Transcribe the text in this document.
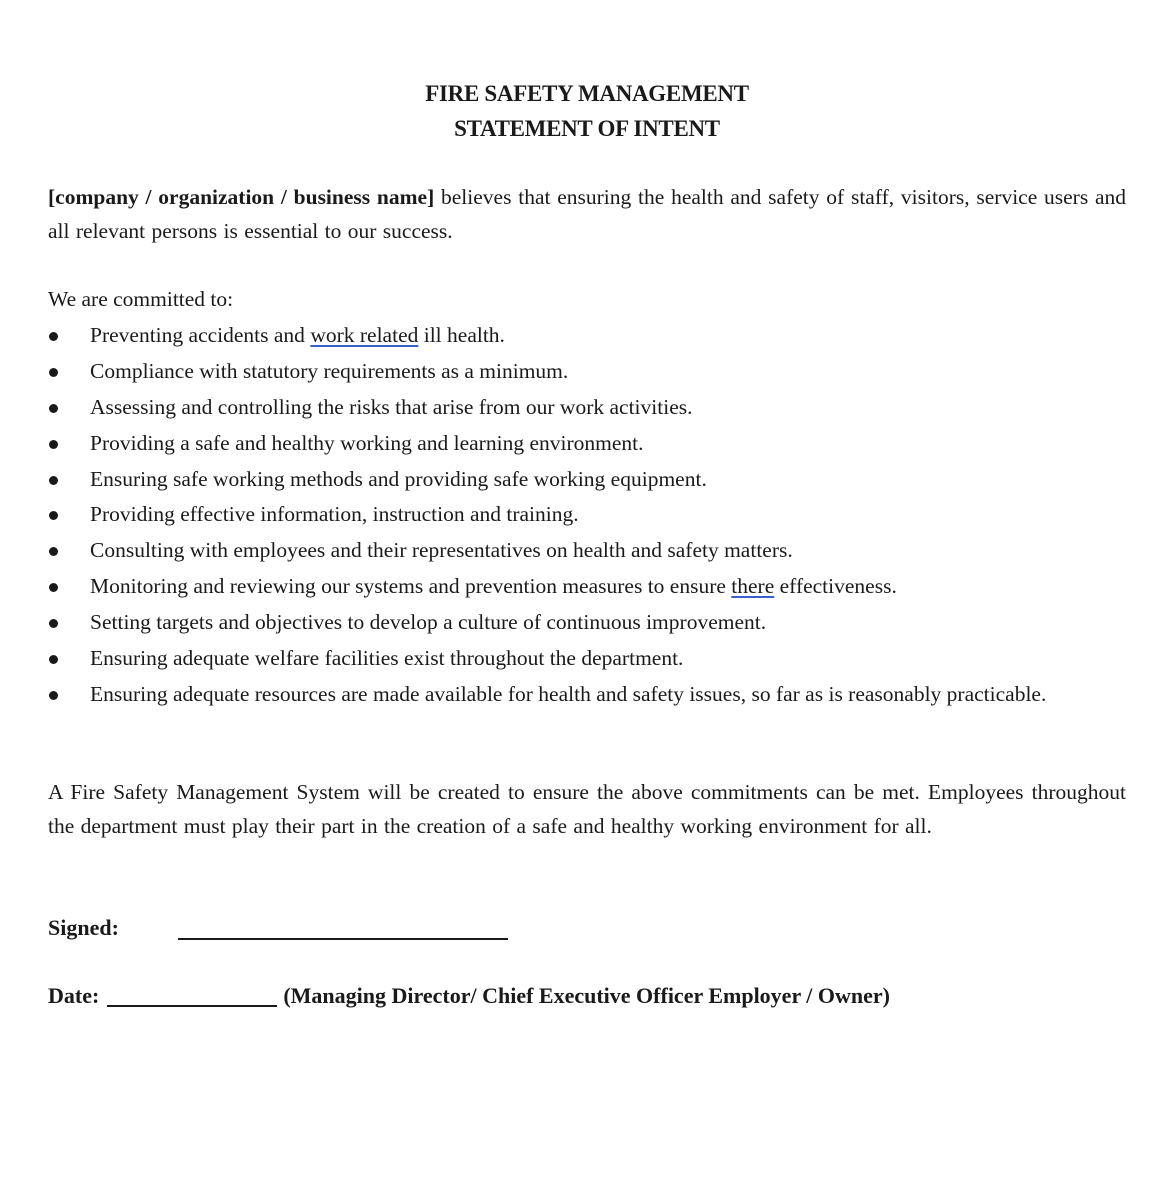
FIRE SAFETY MANAGEMENT
STATEMENT OF INTENT
[company / organization / business name] believes that ensuring the health and safety of staff, visitors, service users and all relevant persons is essential to our success.
We are committed to:
Preventing accidents and work related ill health.
Compliance with statutory requirements as a minimum.
Assessing and controlling the risks that arise from our work activities.
Providing a safe and healthy working and learning environment.
Ensuring safe working methods and providing safe working equipment.
Providing effective information, instruction and training.
Consulting with employees and their representatives on health and safety matters.
Monitoring and reviewing our systems and prevention measures to ensure there effectiveness.
Setting targets and objectives to develop a culture of continuous improvement.
Ensuring adequate welfare facilities exist throughout the department.
Ensuring adequate resources are made available for health and safety issues, so far as is reasonably practicable.
A Fire Safety Management System will be created to ensure the above commitments can be met. Employees throughout the department must play their part in the creation of a safe and healthy working environment for all.
Signed:
Date:	(Managing Director/ Chief Executive Officer Employer / Owner)
